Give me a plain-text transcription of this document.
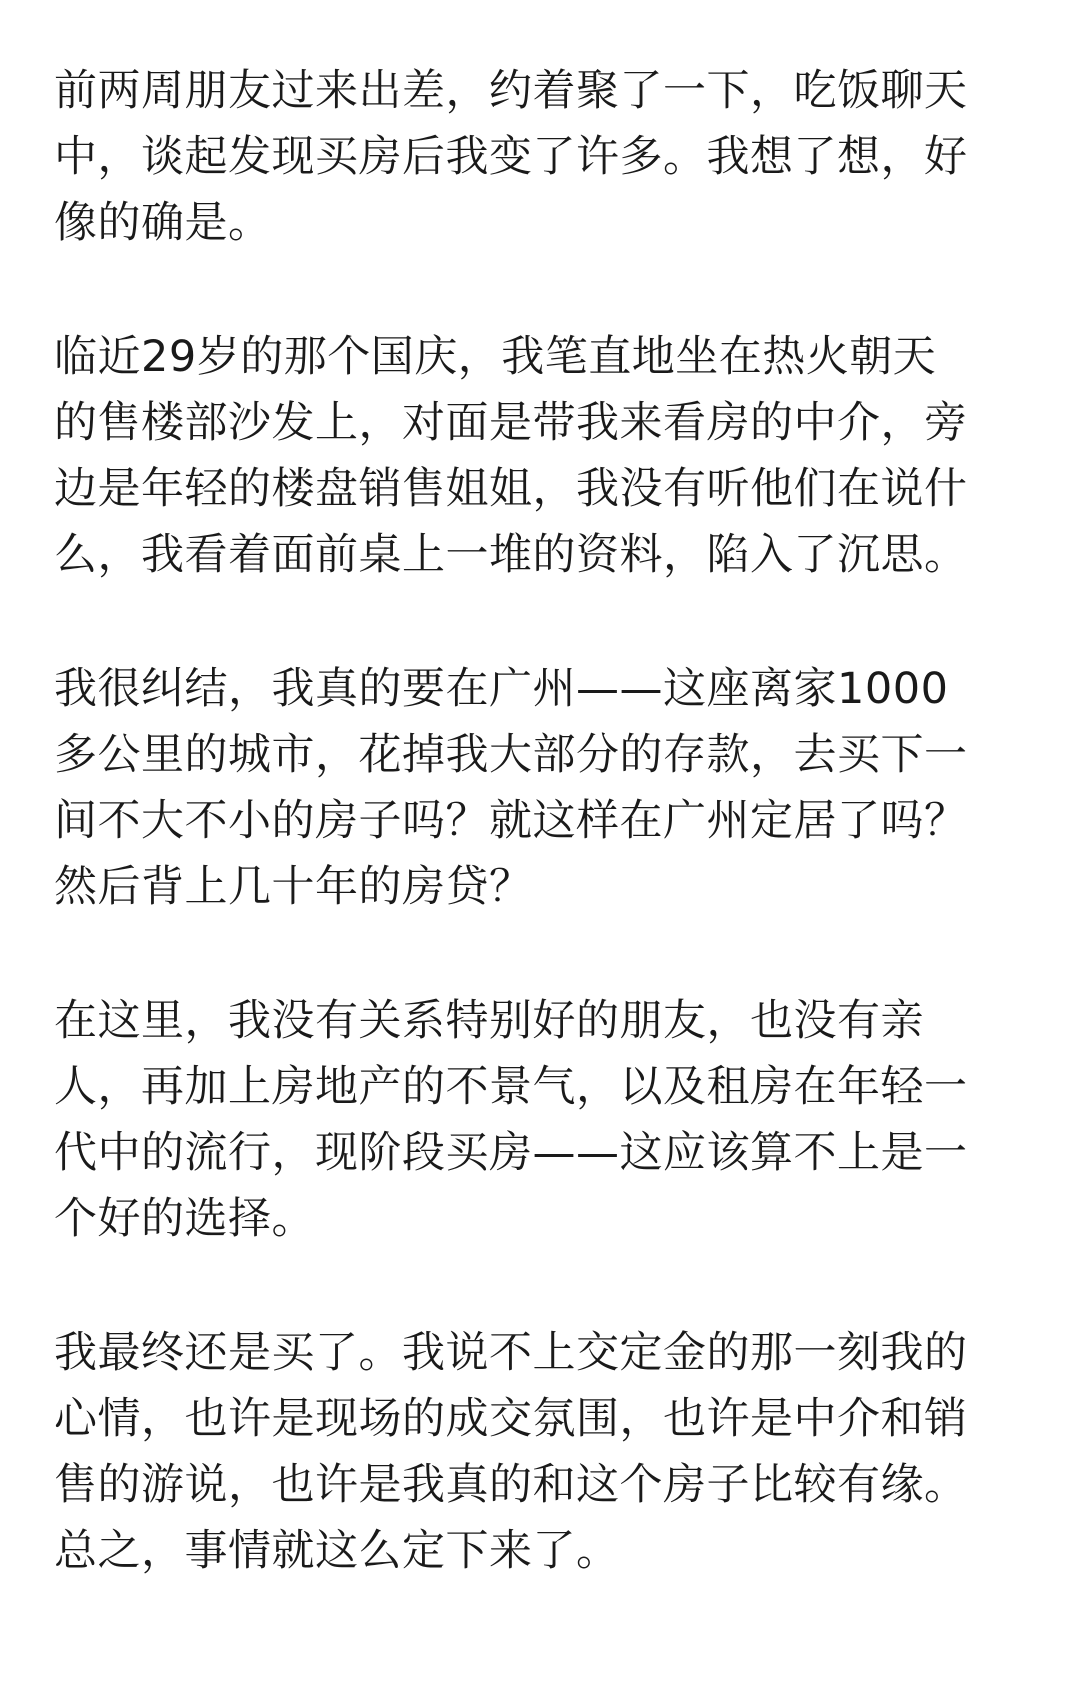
前两周朋友过来出差，约着聚了一下，吃饭聊天
中，谈起发现买房后我变了许多。我想了想，好
像的确是。
临近29岁的那个国庆，我笔直地坐在热火朝天
的售楼部沙发上，对面是带我来看房的中介，旁
边是年轻的楼盘销售姐姐，我没有听他们在说什
么，我看着面前桌上一堆的资料，陷入了沉思。
我很纠结，我真的要在广州——这座离家1000
多公里的城市，花掉我大部分的存款，去买下一
间不大不小的房子吗？就这样在广州定居了吗？
然后背上几十年的房贷？
在这里，我没有关系特别好的朋友，也没有亲
人，再加上房地产的不景气，以及租房在年轻一
代中的流行，现阶段买房——这应该算不上是一
个好的选择。
我最终还是买了。我说不上交定金的那一刻我的
心情，也许是现场的成交氛围，也许是中介和销
售的游说，也许是我真的和这个房子比较有缘。
总之，事情就这么定下来了。
